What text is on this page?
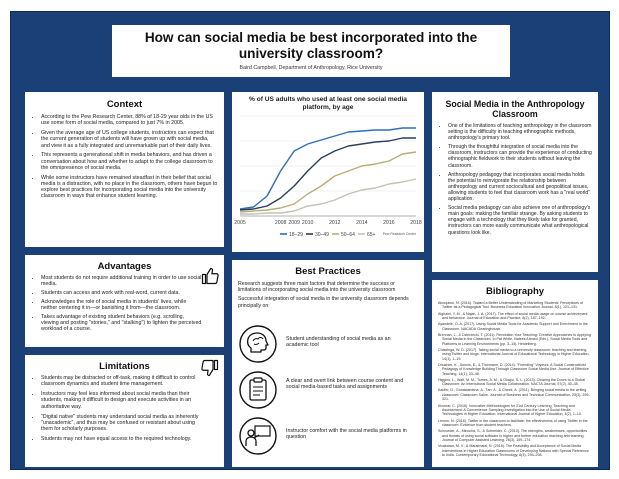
How can social media be best incorporated into the university classroom?
Baird Campbell, Department of Anthropology, Rice University
Context
• According to the Pew Research Center, 88% of 18-29 year olds in the US use some form of social media, compared to just 7% in 2005.
• Given the average age of US college students, instructors can expect that the current generation of students will have grown up with social media, and view it as a fully integrated and unremarkable part of their daily lives.
• This represents a generational shift in media behaviors, and has driven a conversation about how and whether to adapt to the college classroom to the omnipresence of social media.
• While some instructors have remained steadfast in their belief that social media is a distraction, with no place in the classroom, others have begun to explore best practices for incorporating social media into the university classroom in ways that enhance student learning.
Advantages
• Most students do not require additional training in order to use social media.
• Students can access and work with real-word, current data.
• Acknowledges the role of social media in students' lives, while neither centering it in—or banishing it from—the classroom.
• Takes advantage of existing student behaviors (e.g. scrolling, viewing and posting "stories," and "stalking") to lighten the perceived workload of a course.
Limitations
• Students may be distracted or off-task, making it difficult to control classroom dynamics and student time management.
• Instructors may feel less informed about social media than their students, making it difficult to design and execute activities in an authoritative way.
• "Digital native" students may understand social media as inherently "unacademic", and thus may be confused or resistant about using them for scholarly purposes.
• Students may not have equal access to the required technology.
% of US adults who used at least one social media platform, by age
2005	2008 2009 2010	2012	2014	2016	2018
18–29 30–49 50–64 65+ Pew Research Center
Best Practices

Research suggests three main factors that determine the success or limitations of incorporating social media into the university classroom

Successful integration of social media in the university classroom depends principally on:

Student understanding of social media as an academic tool
A clear and overt link between course content and social media-based tasks and assignments
Instructor comfort with the social media platforms in question
Social Media in the Anthropology Classroom
• One of the limitations of teaching anthropology in the classroom setting is the difficulty in teaching ethnographic methods, anthropology's primary tool.
• Through the thoughtful integration of social media into the classroom, instructors can provide the experience of conducting ethnographic fieldwork to their students without leaving the classroom.
• Anthropology pedagogy that incorporates social media holds the potential to reinvigorate the relationship between anthropology and current sociocultural and geopolitical issues, allowing students to feel that classroom work has a "real world" application.
• Social media pedagogy can also achieve one of anthropology's main goals: making the familiar strange. By asking students to engage with a technology that they likely take for granted, instructors can more easily communicate what anthropological questions look like.
Bibliography
Aboujaoui, N. (2016). Toward a Better Understanding of Marketing Students' Perceptions of Twitter as a Pedagogical Tool. Business Education Innovation Journal, 8(1), 121–131.
Alghaini, Y. M., & Najah, J. A. (2017). The effect of social media usage on course achievement and behaviour. Journal of Education and Practice, 8(2), 187–192.
Ayandele, O. A. (2017). Using Social Media Tools for Academic Support and Enrichment in the Classroom. NACADA Clearinghouse.
Brennan, L., & Dzierzecki, T. (2011). Revolution Your Teaching: Creative Approaches to Applying Social Media in the Classroom. In Pat White, Nafees Ahmed (Eds.), Social Media Tools and Platforms in Learning Environments (pp. 3–15). Heidelberg.
Chawinga, W. D. (2017). Taking social media to a university classroom: teaching and learning using Twitter and blogs. International Journal of Educational Technology in Higher Education, 14(1), 1–19.
Dhuchier, K., Donnis, E., & Thormann, D. (2014). "Friending" Voyeurs: A Social Constructivist Pedagogy of Knowledge Building Through Classroom Social Media Use. Journal of Effective Teaching, 14(1), 33–48.
Higgins, L., Walt, M. M., Tornes, A. M., & Okapu, S. L. (2013). Clearing the Doors to a Global Classroom: An Intercultural Social Media Collaboration. NACTA Journal, 57(2), 40–45.
Kaufer, D., Gunawardena, A., Tan, A., & Cheek, A. (2011). Bringing social media to the writing classroom: Classroom Salon. Journal of Business and Technical Communication, 25(3), 299–321.
Kinnear, C. (2016). Innovative Methodologies for 21st Century Learning, Teaching and Assessment: A Convenience Sampling Investigation into the Use of Social Media Technologies in Higher Education. International Journal of Higher Education, 4(2), 1–10.
Lemon, N. (2016). Twitter in the classroom to facilitate: the effectiveness of using Twitter in the classroom: Evidence from student teachers.
Schroeder, A., Minocha, S., & Schneider, C. (2010). The strengths, weaknesses, opportunities and threats of using social software in higher and further education teaching and learning. Journal of Computer Assisted Learning, 26(3), 159–174.
Vivakaran, M. V., & Maraimalai, N. (2016). The Feasibility and Acceptance of Social Media Interventions in Higher Education Classrooms of Developing Nations with Special Reference to India. Contemporary Educational Technology, 8(3), 294–298.
